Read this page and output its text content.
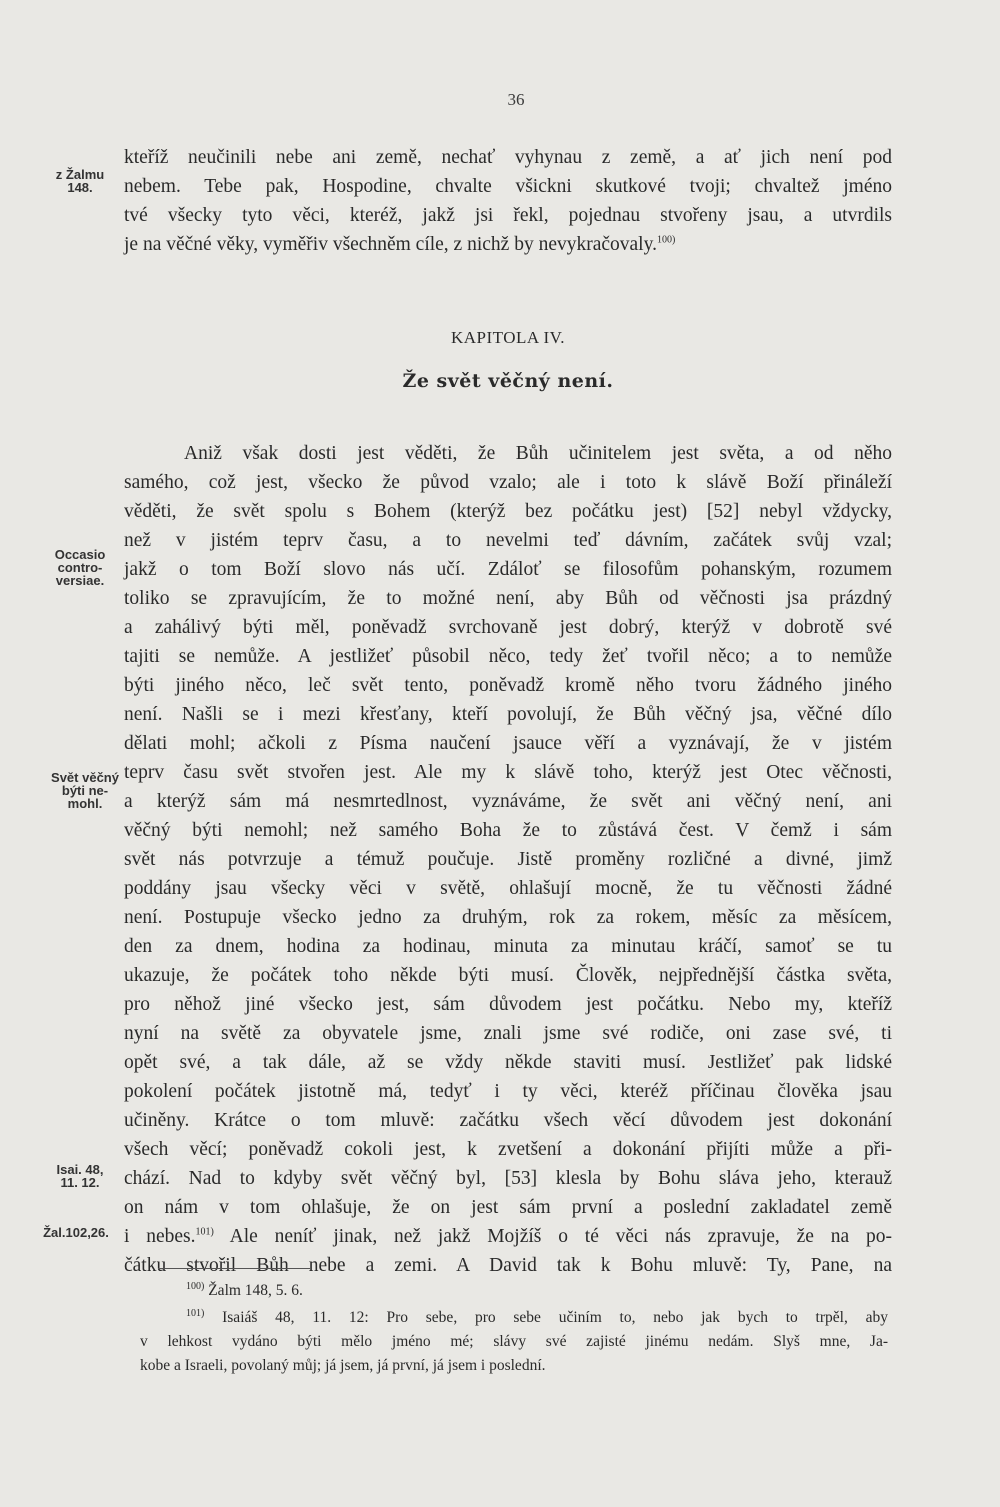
36
z Žalmu
148.
Occasio
contro-
versiae.
Svět věčný
býti ne-
mohl.
Isai. 48,
11. 12.
Žal.102,26.
kteříž neučinili nebe ani země, nechať vyhynau z země, a ať jich není pod
nebem. Tebe pak, Hospodine, chvalte všickni skutkové tvoji; chvaltež jméno
tvé všecky tyto věci, kteréž, jakž jsi řekl, pojednau stvořeny jsau, a utvrdils
je na věčné věky, vyměřiv všechněm cíle, z nichž by nevykračovaly.$^{100)}$
KAPITOLA IV.
Že svět věčný není.
Aniž však dosti jest věděti, že Bůh učinitelem jest světa, a od něho
samého, což jest, všecko že původ vzalo; ale i toto k slávě Boží přináleží
věděti, že svět spolu s Bohem (kterýž bez počátku jest) [52] nebyl vždycky,
než v jistém teprv času, a to nevelmi teď dávním, začátek svůj vzal;
jakž o tom Boží slovo nás učí. Zdáloť se filosofům pohanským, rozumem
toliko se zpravujícím, že to možné není, aby Bůh od věčnosti jsa prázdný
a zahálivý býti měl, poněvadž svrchovaně jest dobrý, kterýž v dobrotě své
tajiti se nemůže. A jestližeť působil něco, tedy žeť tvořil něco; a to nemůže
býti jiného něco, leč svět tento, poněvadž kromě něho tvoru žádného jiného
není. Našli se i mezi křesťany, kteří povolují, že Bůh věčný jsa, věčné dílo
dělati mohl; ačkoli z Písma naučení jsauce věří a vyznávají, že v jistém
teprv času svět stvořen jest. Ale my k slávě toho, kterýž jest Otec věčnosti,
a kterýž sám má nesmrtedlnost, vyznáváme, že svět ani věčný není, ani
věčný býti nemohl; než samého Boha že to zůstává čest. V čemž i sám
svět nás potvrzuje a témuž poučuje. Jistě proměny rozličné a divné, jimž
poddány jsau všecky věci v světě, ohlašují mocně, že tu věčnosti žádné
není. Postupuje všecko jedno za druhým, rok za rokem, měsíc za měsícem,
den za dnem, hodina za hodinau, minuta za minutau kráčí, samoť se tu
ukazuje, že počátek toho někde býti musí. Člověk, nejpřednější částka světa,
pro něhož jiné všecko jest, sám důvodem jest počátku. Nebo my, kteříž
nyní na světě za obyvatele jsme, znali jsme své rodiče, oni zase své, ti
opět své, a tak dále, až se vždy někde staviti musí. Jestližeť pak lidské
pokolení počátek jistotně má, tedyť i ty věci, kteréž příčinau člověka jsau
učiněny. Krátce o tom mluvě: začátku všech věcí důvodem jest dokonání
všech věcí; poněvadž cokoli jest, k zvetšení a dokonání přijíti může a při-
chází. Nad to kdyby svět věčný byl, [53] klesla by Bohu sláva jeho, kterauž
on nám v tom ohlašuje, že on jest sám první a poslední zakladatel země
i nebes.$^{101)}$ Ale neníť jinak, než jakž Mojžíš o té věci nás zpravuje, že na po-
čátku stvořil Bůh nebe a zemi. A David tak k Bohu mluvě: Ty, Pane, na
$^{100)}$ Žalm 148, 5. 6.
$^{101)}$ Isaiáš 48, 11. 12: Pro sebe, pro sebe učiním to, nebo jak bych to trpěl, aby
v lehkost vydáno býti mělo jméno mé; slávy své zajisté jinému nedám. Slyš mne, Ja-
kobe a Israeli, povolaný můj; já jsem, já první, já jsem i poslední.
